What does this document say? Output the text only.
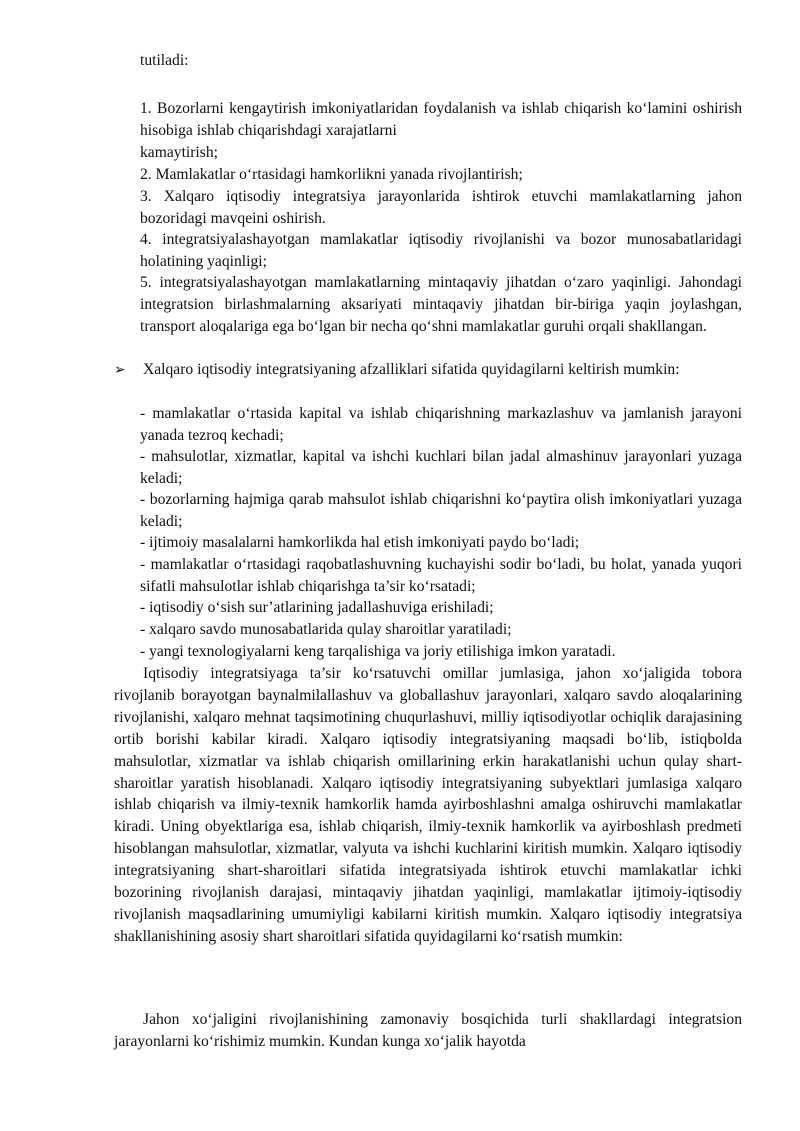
tutiladi:

1. Bozorlarni kengaytirish imkoniyatlaridan foydalanish va ishlab chiqarish ko‘lamini oshirish hisobiga ishlab chiqarishdagi xarajatlarni

kamaytirish;

2. Mamlakatlar o‘rtasidagi hamkorlikni yanada rivojlantirish;

3. Xalqaro iqtisodiy integratsiya jarayonlarida ishtirok etuvchi mamlakatlarning jahon bozoridagi mavqeini oshirish.

4. integratsiyalashayotgan mamlakatlar iqtisodiy rivojlanishi va bozor munosabatlaridagi holatining yaqinligi;

5. integratsiyalashayotgan mamlakatlarning mintaqaviy jihatdan o‘zaro yaqinligi. Jahondagi integratsion birlashmalarning aksariyati mintaqaviy jihatdan bir-biriga yaqin joylashgan, transport aloqalariga ega bo‘lgan bir necha qo‘shni mamlakatlar guruhi orqali shakllangan.

➢ Xalqaro iqtisodiy integratsiyaning afzalliklari sifatida quyidagilarni keltirish mumkin:

- mamlakatlar o‘rtasida kapital va ishlab chiqarishning markazlashuv va jamlanish jarayoni yanada tezroq kechadi;

- mahsulotlar, xizmatlar, kapital va ishchi kuchlari bilan jadal almashinuv jarayonlari yuzaga keladi;

- bozorlarning hajmiga qarab mahsulot ishlab chiqarishni ko‘paytira olish imkoniyatlari yuzaga keladi;

- ijtimoiy masalalarni hamkorlikda hal etish imkoniyati paydo bo‘ladi;

- mamlakatlar o‘rtasidagi raqobatlashuvning kuchayishi sodir bo‘ladi, bu holat, yanada yuqori sifatli mahsulotlar ishlab chiqarishga ta’sir ko‘rsatadi;

- iqtisodiy o‘sish sur’atlarining jadallashuviga erishiladi;

- xalqaro savdo munosabatlarida qulay sharoitlar yaratiladi;

- yangi texnologiyalarni keng tarqalishiga va joriy etilishiga imkon yaratadi.

Iqtisodiy integratsiyaga ta’sir ko‘rsatuvchi omillar jumlasiga, jahon xo‘jaligida tobora rivojlanib borayotgan baynalmilallashuv va globallashuv jarayonlari, xalqaro savdo aloqalarining rivojlanishi, xalqaro mehnat taqsimotining chuqurlashuvi, milliy iqtisodiyotlar ochiqlik darajasining ortib borishi kabilar kiradi. Xalqaro iqtisodiy integratsiyaning maqsadi bo‘lib, istiqbolda mahsulotlar, xizmatlar va ishlab chiqarish omillarining erkin harakatlanishi uchun qulay shart-sharoitlar yaratish hisoblanadi. Xalqaro iqtisodiy integratsiyaning subyektlari jumlasiga xalqaro ishlab chiqarish va ilmiy-texnik hamkorlik hamda ayirboshlashni amalga oshiruvchi mamlakatlar kiradi. Uning obyektlariga esa, ishlab chiqarish, ilmiy-texnik hamkorlik va ayirboshlash predmeti hisoblangan mahsulotlar, xizmatlar, valyuta va ishchi kuchlarini kiritish mumkin. Xalqaro iqtisodiy integratsiyaning shart-sharoitlari sifatida integratsiyada ishtirok etuvchi mamlakatlar ichki bozorining rivojlanish darajasi, mintaqaviy jihatdan yaqinligi, mamlakatlar ijtimoiy-iqtisodiy rivojlanish maqsadlarining umumiyligi kabilarni kiritish mumkin. Xalqaro iqtisodiy integratsiya shakllanishining asosiy shart sharoitlari sifatida quyidagilarni ko‘rsatish mumkin:

Jahon xo‘jaligini rivojlanishining zamonaviy bosqichida turli shakllardagi integratsion jarayonlarni ko‘rishimiz mumkin. Kundan kunga xo‘jalik hayotda
